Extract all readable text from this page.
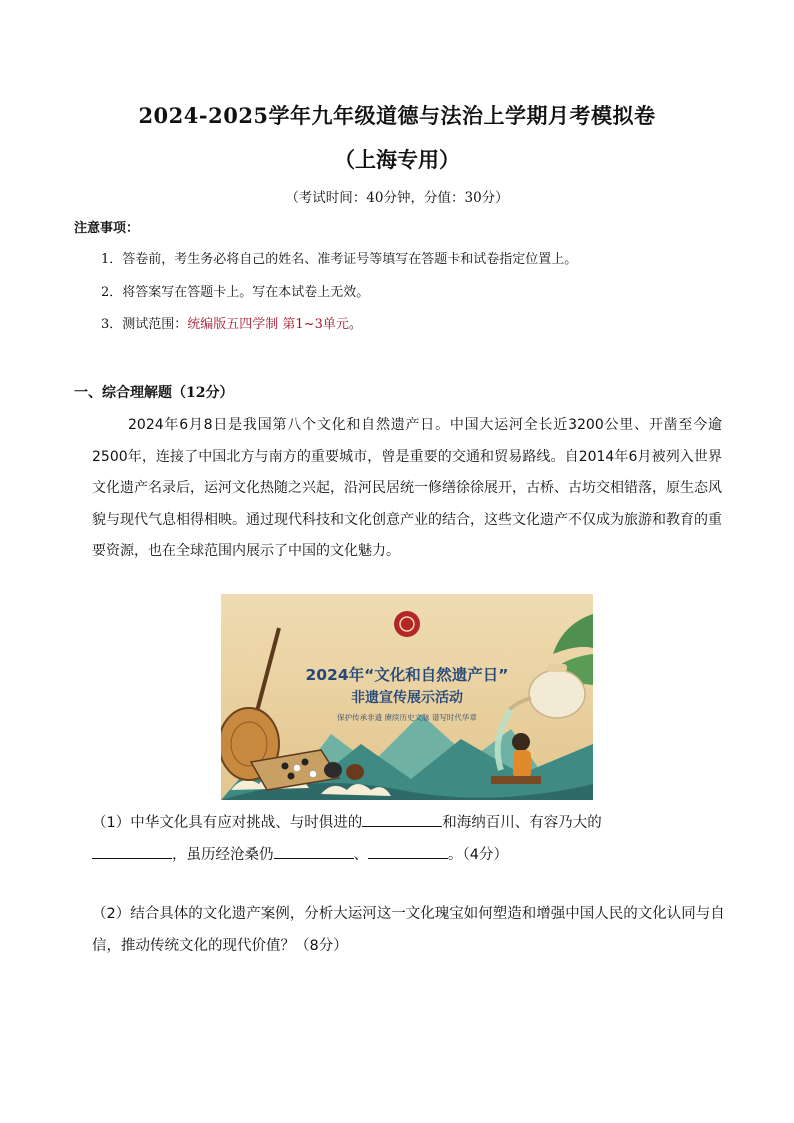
2024-2025学年九年级道德与法治上学期月考模拟卷
（上海专用）
（考试时间：40分钟，分值：30分）
注意事项：
1．答卷前，考生务必将自己的姓名、准考证号等填写在答题卡和试卷指定位置上。
2．将答案写在答题卡上。写在本试卷上无效。
3．测试范围：统编版五四学制 第1~3单元。
一、综合理解题（12分）

2024年6月8日是我国第八个文化和自然遗产日。中国大运河全长近3200公里、开凿至今逾2500年，连接了中国北方与南方的重要城市，曾是重要的交通和贸易路线。自2014年6月被列入世界文化遗产名录后，运河文化热随之兴起，沿河民居统一修缮徐徐展开，古桥、古坊交相错落，原生态风貌与现代气息相得相映。通过现代科技和文化创意产业的结合，这些文化遗产不仅成为旅游和教育的重要资源，也在全球范围内展示了中国的文化魅力。

2024年“文化和自然遗产日”
非遗宣传展示活动
保护传承非遗 赓续历史文脉 谱写时代华章
（1）中华文化具有应对挑战、与时俱进的	和海纳百川、有容乃大的
，虽历经沧桑仍	、	。（4分）
（2）结合具体的文化遗产案例，分析大运河这一文化瑰宝如何塑造和增强中国人民的文化认同与自信，推动传统文化的现代价值？（8分）
